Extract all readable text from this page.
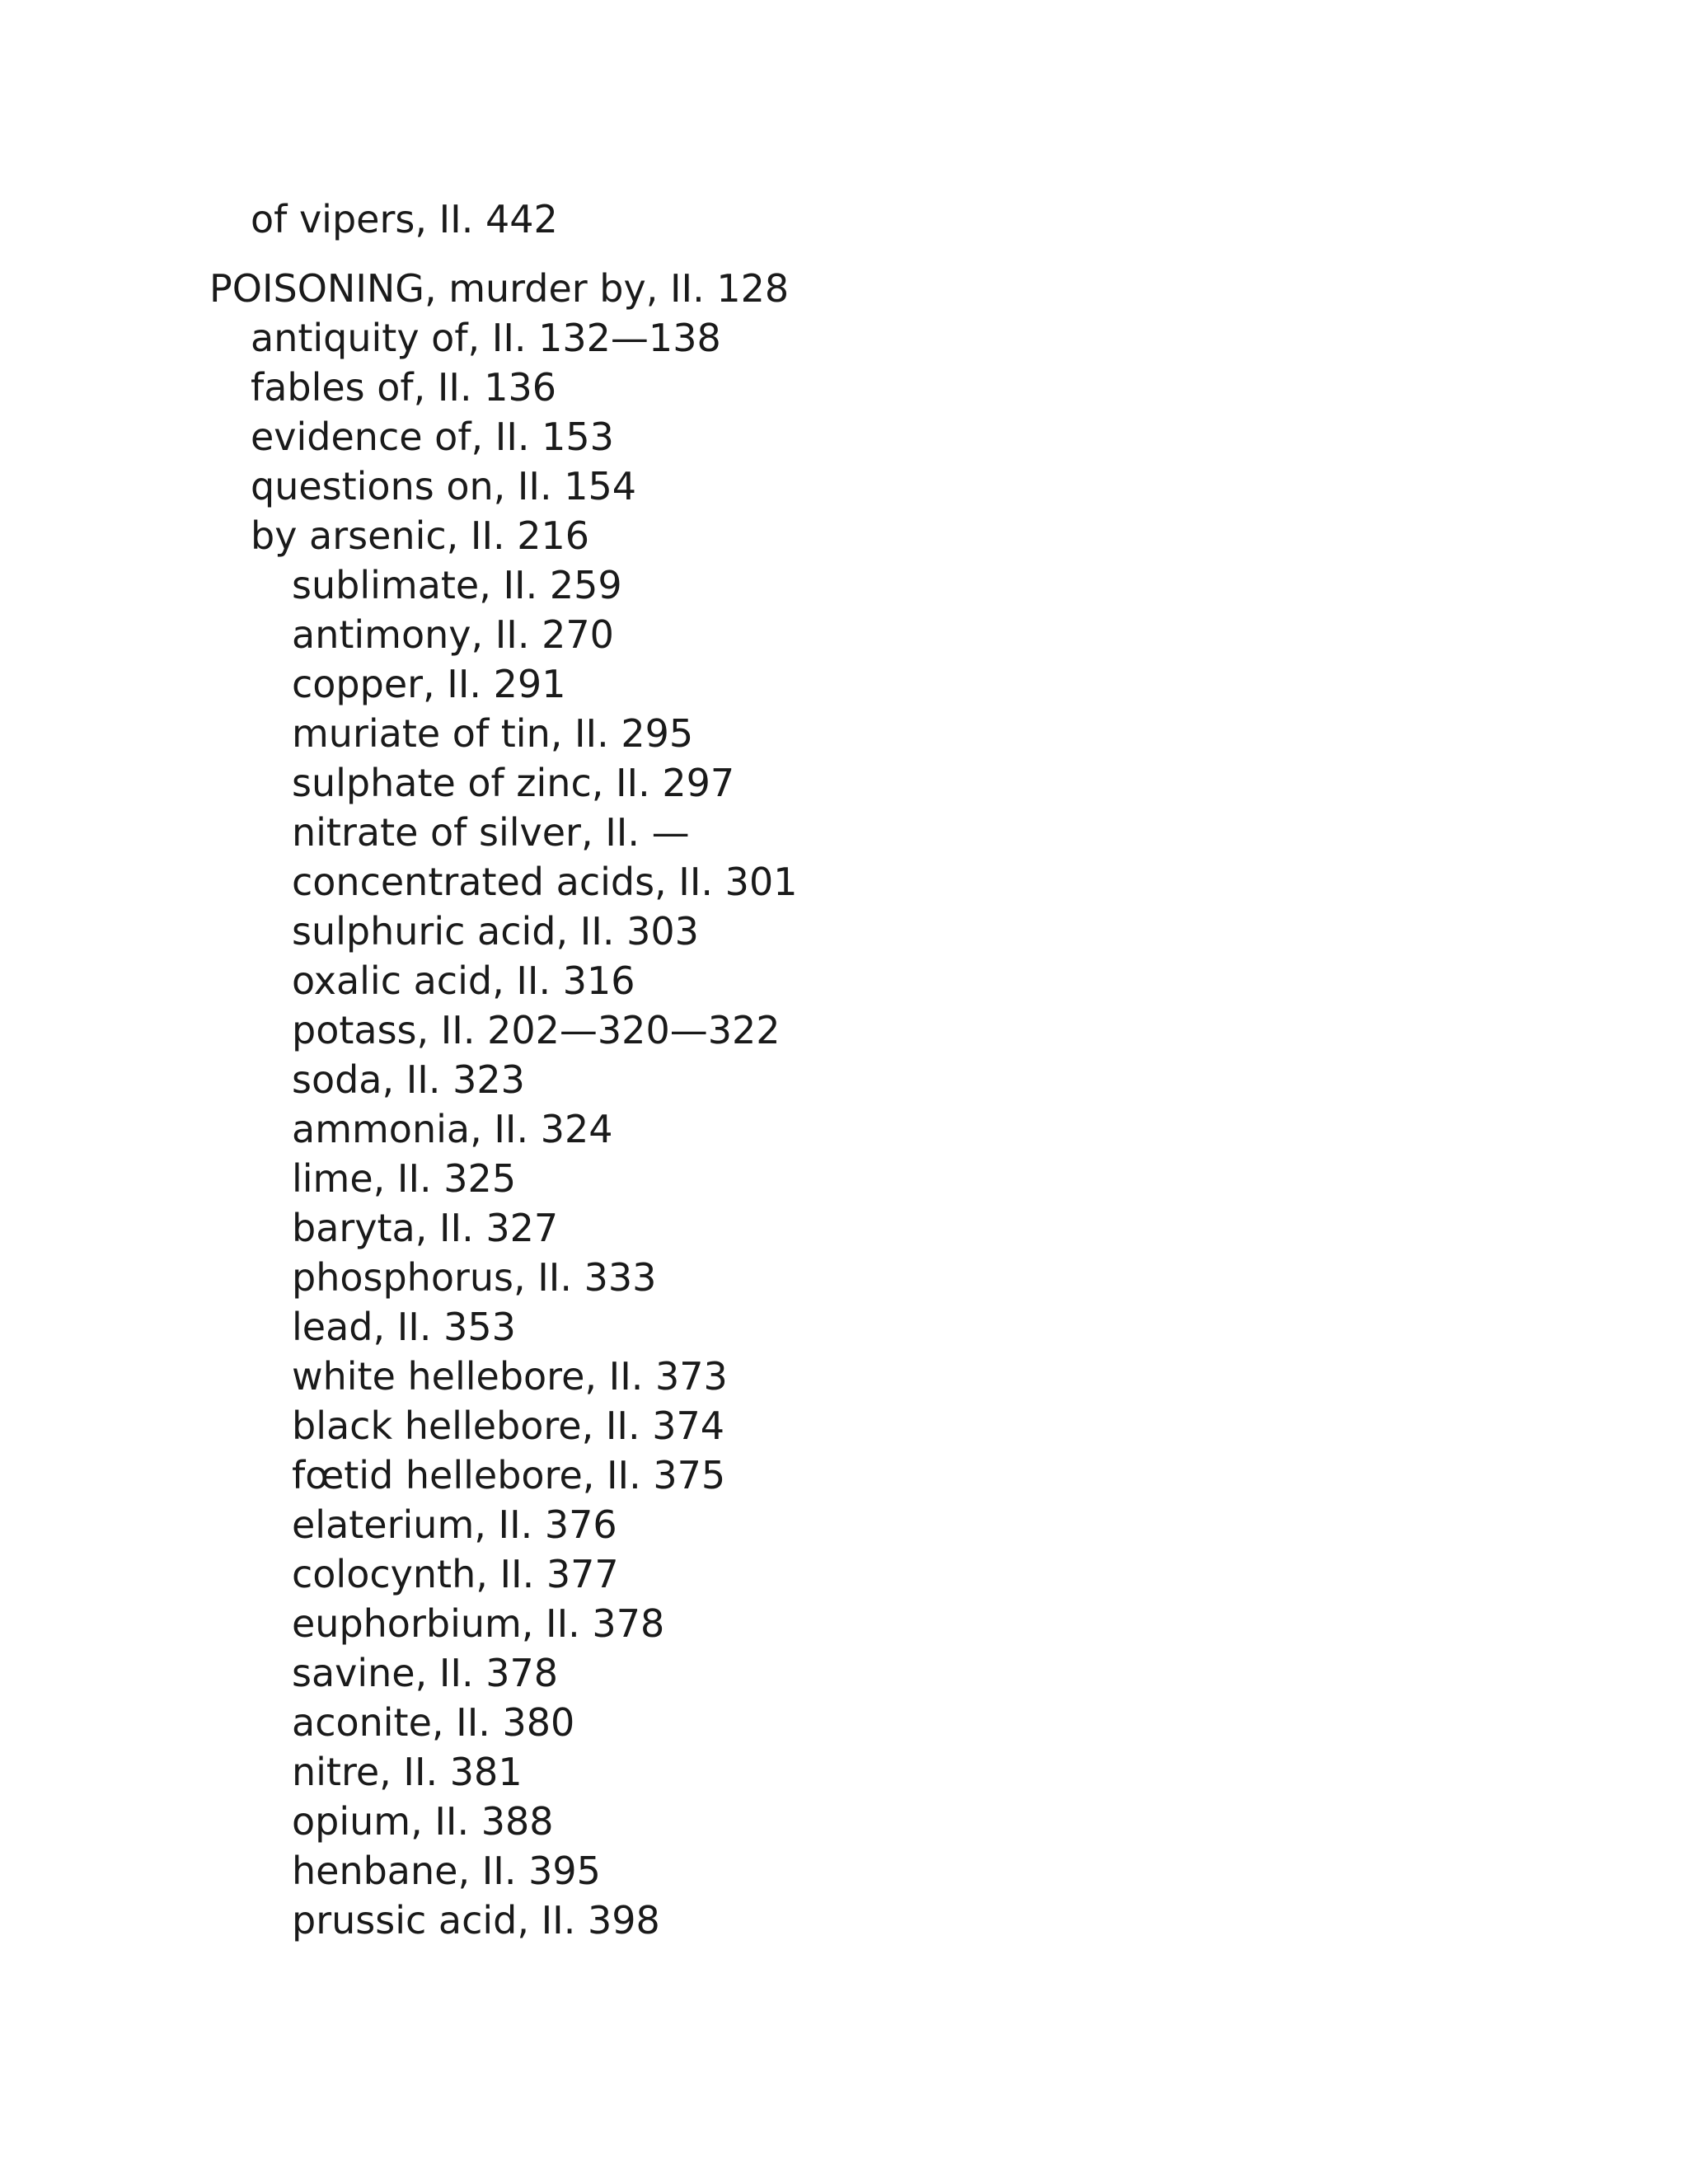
of vipers, II. 442

POISONING, murder by, II. 128

antiquity of, II. 132—138

fables of, II. 136

evidence of, II. 153

questions on, II. 154

by arsenic, II. 216

sublimate, II. 259

antimony, II. 270

copper, II. 291

muriate of tin, II. 295

sulphate of zinc, II. 297

nitrate of silver, II. —

concentrated acids, II. 301

sulphuric acid, II. 303

oxalic acid, II. 316

potass, II. 202—320—322

soda, II. 323

ammonia, II. 324

lime, II. 325

baryta, II. 327

phosphorus, II. 333

lead, II. 353

white hellebore, II. 373

black hellebore, II. 374

fœtid hellebore, II. 375

elaterium, II. 376

colocynth, II. 377

euphorbium, II. 378

savine, II. 378

aconite, II. 380

nitre, II. 381

opium, II. 388

henbane, II. 395

prussic acid, II. 398
